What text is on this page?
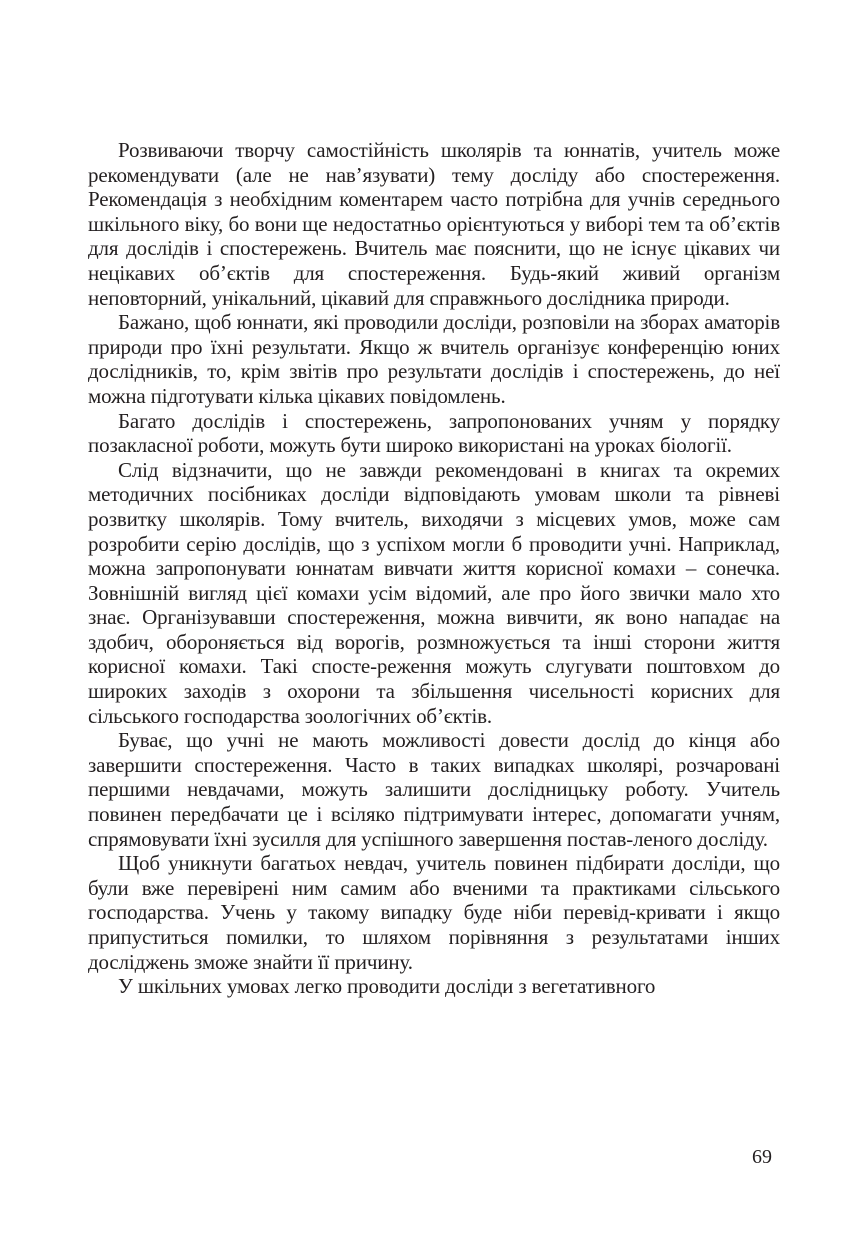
Розвиваючи творчу самостійність школярів та юннатів, учитель може рекомендувати (але не нав’язувати) тему досліду або спостереження. Рекомендація з необхідним коментарем часто потрібна для учнів середнього шкільного віку, бо вони ще недостатньо орієнтуються у виборі тем та об’єктів для дослідів і спостережень. Вчитель має пояснити, що не існує цікавих чи нецікавих об’єктів для спостереження. Будь-який живий організм неповторний, унікальний, цікавий для справжнього дослідника природи.

Бажано, щоб юннати, які проводили досліди, розповіли на зборах аматорів природи про їхні результати. Якщо ж вчитель організує конференцію юних дослідників, то, крім звітів про результати дослідів і спостережень, до неї можна підготувати кілька цікавих повідомлень.

Багато дослідів і спостережень, запропонованих учням у порядку позакласної роботи, можуть бути широко використані на уроках біології.

Слід відзначити, що не завжди рекомендовані в книгах та окремих методичних посібниках досліди відповідають умовам школи та рівневі розвитку школярів. Тому вчитель, виходячи з місцевих умов, може сам розробити серію дослідів, що з успіхом могли б проводити учні. Наприклад, можна запропонувати юннатам вивчати життя корисної комахи – сонечка. Зовнішній вигляд цієї комахи усім відомий, але про його звички мало хто знає. Організувавши спостереження, можна вивчити, як воно нападає на здобич, обороняється від ворогів, розмножується та інші сторони життя корисної комахи. Такі спосте-реження можуть слугувати поштовхом до широких заходів з охорони та збільшення чисельності корисних для сільського господарства зоологічних об’єктів.

Буває, що учні не мають можливості довести дослід до кінця або завершити спостереження. Часто в таких випадках школярі, розчаровані першими невдачами, можуть залишити дослідницьку роботу. Учитель повинен передбачати це і всіляко підтримувати інтерес, допомагати учням, спрямовувати їхні зусилля для успішного завершення постав-леного досліду.

Щоб уникнути багатьох невдач, учитель повинен підбирати досліди, що були вже перевірені ним самим або вченими та практиками сільського господарства. Учень у такому випадку буде ніби перевід-кривати і якщо припуститься помилки, то шляхом порівняння з результатами інших досліджень зможе знайти її причину.

У шкільних умовах легко проводити досліди з вегетативного

69
